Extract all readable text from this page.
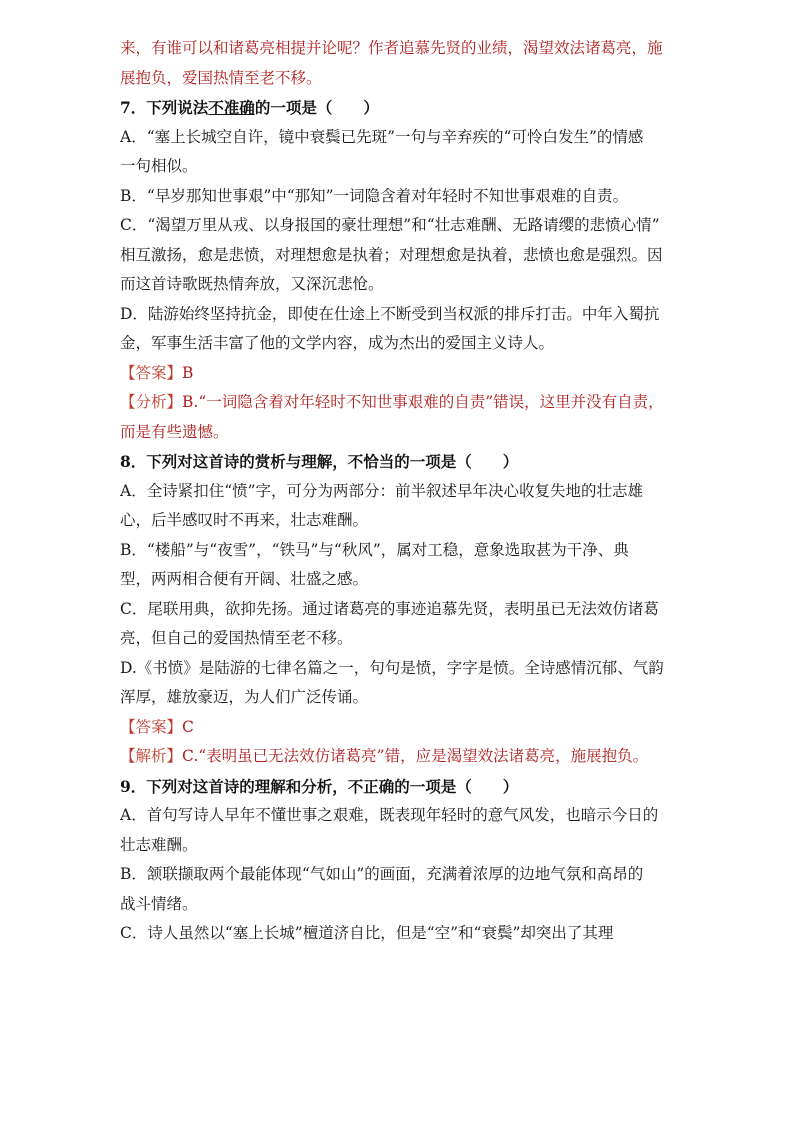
来，有谁可以和诸葛亮相提并论呢？作者追慕先贤的业绩，渴望效法诸葛亮，施
展抱负，爱国热情至老不移。
7．下列说法不准确的一项是（　　）
A．“塞上长城空自许，镜中衰鬓已先斑”一句与辛弃疾的“可怜白发生”的情感
一句相似。
B．“早岁那知世事艰”中“那知”一词隐含着对年轻时不知世事艰难的自责。
C．“渴望万里从戎、以身报国的豪壮理想”和“壮志难酬、无路请缨的悲愤心情”
相互激扬，愈是悲愤，对理想愈是执着；对理想愈是执着，悲愤也愈是强烈。因
而这首诗歌既热情奔放，又深沉悲怆。
D．陆游始终坚持抗金，即使在仕途上不断受到当权派的排斥打击。中年入蜀抗
金，军事生活丰富了他的文学内容，成为杰出的爱国主义诗人。
【答案】B
【分析】B.“一词隐含着对年轻时不知世事艰难的自责”错误，这里并没有自责，
而是有些遗憾。
8．下列对这首诗的赏析与理解，不恰当的一项是（　　）
A．全诗紧扣住“愤”字，可分为两部分：前半叙述早年决心收复失地的壮志雄
心，后半感叹时不再来，壮志难酬。
B．“楼船”与“夜雪”，“铁马”与“秋风”，属对工稳，意象选取甚为干净、典
型，两两相合便有开阔、壮盛之感。
C．尾联用典，欲抑先扬。通过诸葛亮的事迹追慕先贤，表明虽已无法效仿诸葛
亮，但自己的爱国热情至老不移。
D.《书愤》是陆游的七律名篇之一，句句是愤，字字是愤。全诗感情沉郁、气韵
浑厚，雄放豪迈，为人们广泛传诵。
【答案】C
【解析】C.“表明虽已无法效仿诸葛亮”错，应是渴望效法诸葛亮，施展抱负。
9．下列对这首诗的理解和分析，不正确的一项是（　　）
A．首句写诗人早年不懂世事之艰难，既表现年轻时的意气风发，也暗示今日的
壮志难酬。
B．颔联撷取两个最能体现“气如山”的画面，充满着浓厚的边地气氛和高昂的
战斗情绪。
C．诗人虽然以“塞上长城”檀道济自比，但是“空”和“衰鬓”却突出了其理
